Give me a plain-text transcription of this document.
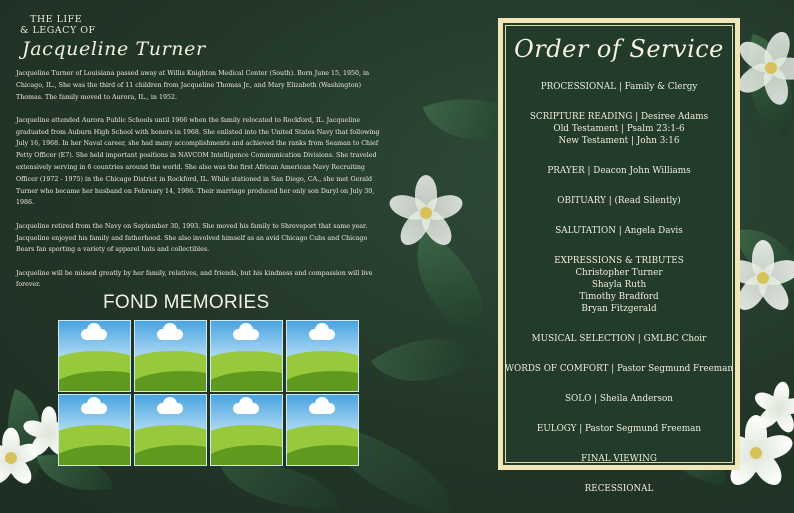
THE LIFE
& LEGACY OF
Jacqueline Turner

Jacqueline Turner of Louisiana passed away at Willis Knighton Medical Center (South). Born June 15, 1950, in Chicago, IL., She was the third of 11 children from Jacqueline Thomas Jr., and Mary Elizabeth (Washington) Thomas. The family moved to Aurora, IL., in 1952.

Jacqueline attended Aurora Public Schools until 1966 when the family relocated to Rockford, IL. Jacqueline graduated from Auburn High School with honors in 1968. She enlisted into the United States Navy that following July 16, 1968. In her Naval career, she had many accomplishments and achieved the ranks from Seaman to Chief Petty Officer (E7). She held important positions in NAVCOM Intelligence Communication Divisions. She traveled extensively serving in 6 countries around the world. She also was the first African American Navy Recruiting Officer (1972 - 1975) in the Chicago District in Rockford, IL. While stationed in San Diego, CA., she met Gerald Turner who became her husband on February 14, 1986. Their marriage produced her only son Daryl on July 30, 1986.

Jacqueline retired from the Navy on September 30, 1993. She moved his family to Shreveport that same year. Jacqueline enjoyed his family and fatherhood. She also involved himself as an avid Chicago Cubs and Chicago Bears fan sporting a variety of apparel hats and collectibles.

Jacqueline will be missed greatly by her family, relatives, and friends, but his kindness and compassion will live forever.

FOND MEMORIES
Order of Service
PROCESSIONAL | Family & Clergy
SCRIPTURE READING | Desiree Adams
Old Testament | Psalm 23:1-6
New Testament | John 3:16
PRAYER | Deacon John Williams
OBITUARY | (Read Silently)
SALUTATION | Angela Davis
EXPRESSIONS & TRIBUTES
Christopher Turner
Shayla Ruth
Timothy Bradford
Bryan Fitzgerald
MUSICAL SELECTION | GMLBC Choir
WORDS OF COMFORT | Pastor Segmund Freeman
SOLO | Sheila Anderson
EULOGY | Pastor Segmund Freeman
FINAL VIEWING
RECESSIONAL
